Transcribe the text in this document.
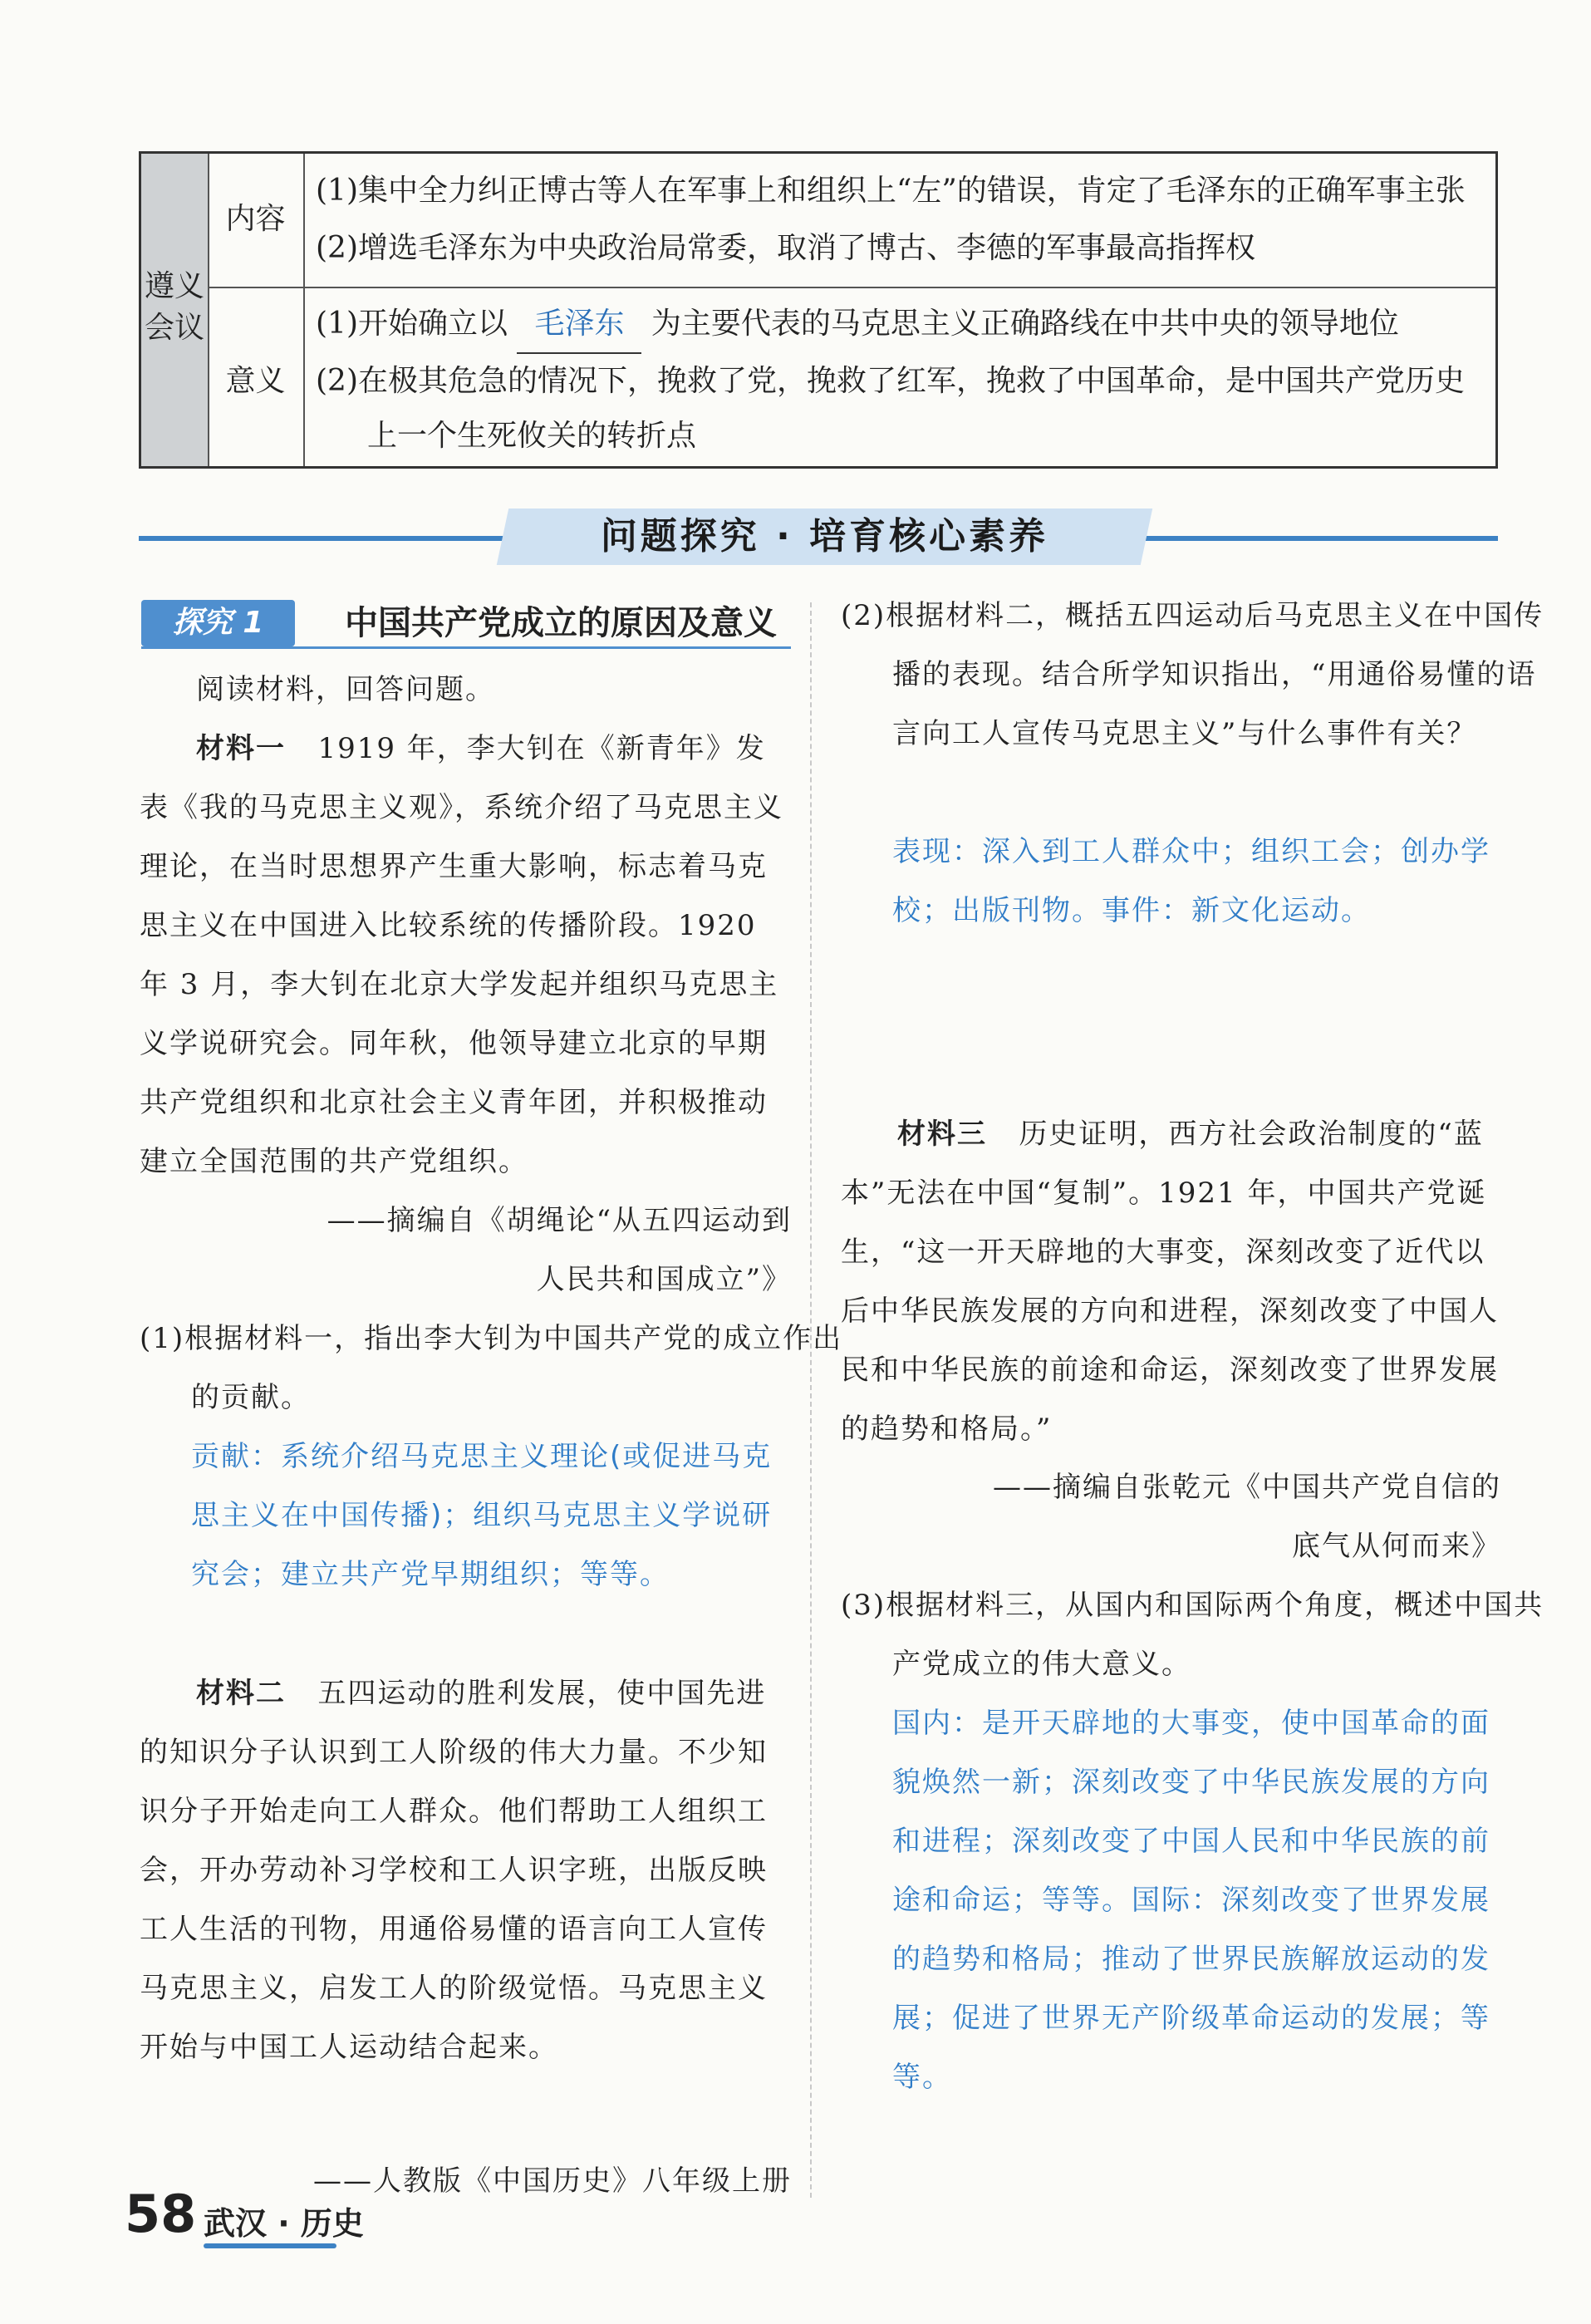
遵义会议
内容
意义
(1)集中全力纠正博古等人在军事上和组织上“左”的错误，肯定了毛泽东的正确军事主张
(2)增选毛泽东为中央政治局常委，取消了博古、李德的军事最高指挥权
(1)开始确立以 毛泽东 为主要代表的马克思主义正确路线在中共中央的领导地位
(2)在极其危急的情况下，挽救了党，挽救了红军，挽救了中国革命，是中国共产党历史上一个生死攸关的转折点
问题探究 · 培育核心素养
探究 1	中国共产党成立的原因及意义
阅读材料，回答问题。
材料一 1919 年，李大钊在《新青年》发表《我的马克思主义观》，系统介绍了马克思主义理论，在当时思想界产生重大影响，标志着马克思主义在中国进入比较系统的传播阶段。1920 年 3 月，李大钊在北京大学发起并组织马克思主义学说研究会。同年秋，他领导建立北京的早期共产党组织和北京社会主义青年团，并积极推动建立全国范围的共产党组织。
——摘编自《胡绳论“从五四运动到
人民共和国成立”》
(1)根据材料一，指出李大钊为中国共产党的成立作出的贡献。
贡献：系统介绍马克思主义理论(或促进马克思主义在中国传播)；组织马克思主义学说研究会；建立共产党早期组织；等等。
材料二 五四运动的胜利发展，使中国先进的知识分子认识到工人阶级的伟大力量。不少知识分子开始走向工人群众。他们帮助工人组织工会，开办劳动补习学校和工人识字班，出版反映工人生活的刊物，用通俗易懂的语言向工人宣传马克思主义，启发工人的阶级觉悟。马克思主义开始与中国工人运动结合起来。
——人教版《中国历史》八年级上册
(2)根据材料二，概括五四运动后马克思主义在中国传播的表现。结合所学知识指出，“用通俗易懂的语言向工人宣传马克思主义”与什么事件有关？
表现：深入到工人群众中；组织工会；创办学校；出版刊物。事件：新文化运动。
材料三 历史证明，西方社会政治制度的“蓝本”无法在中国“复制”。1921 年，中国共产党诞生，“这一开天辟地的大事变，深刻改变了近代以后中华民族发展的方向和进程，深刻改变了中国人民和中华民族的前途和命运，深刻改变了世界发展的趋势和格局。”
——摘编自张乾元《中国共产党自信的
底气从何而来》
(3)根据材料三，从国内和国际两个角度，概述中国共产党成立的伟大意义。
国内：是开天辟地的大事变，使中国革命的面貌焕然一新；深刻改变了中华民族发展的方向和进程；深刻改变了中国人民和中华民族的前途和命运；等等。国际：深刻改变了世界发展的趋势和格局；推动了世界民族解放运动的发展；促进了世界无产阶级革命运动的发展；等等。
58 武汉 · 历史
